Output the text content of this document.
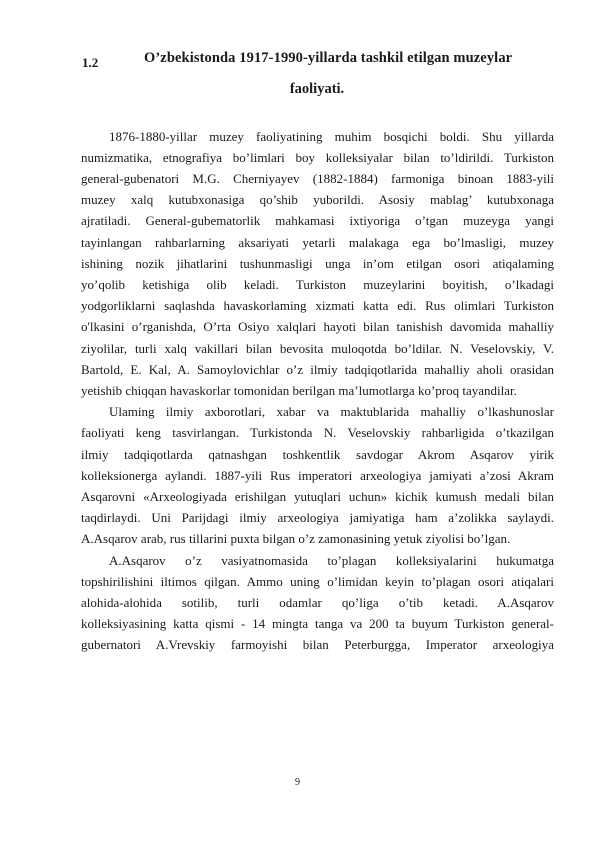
1.2	O’zbekistonda 1917-1990-yillarda tashkil etilgan muzeylar
faoliyati.
1876-1880-yillar muzey faoliyatining muhim bosqichi boldi. Shu yillarda
numizmatika, etnografiya bo’limlari boy kolleksiyalar bilan to’ldirildi. Turkiston
general-gubenatori M.G. Cherniyayev (1882-1884) farmoniga binoan 1883-yili
muzey xalq kutubxonasiga qo’shib yuborildi. Asosiy mablag’ kutubxonaga
ajratiladi. General-gubematorlik mahkamasi ixtiyoriga o’tgan muzeyga yangi
tayinlangan rahbarlarning aksariyati yetarli malakaga ega bo’lmasligi, muzey
ishining nozik jihatlarini tushunmasligi unga in’om etilgan osori atiqalaming
yo’qolib ketishiga olib keladi. Turkiston muzeylarini boyitish, o’lkadagi
yodgorliklarni saqlashda havaskorlaming xizmati katta edi. Rus olimlari Turkiston
o'lkasini o’rganishda, O’rta Osiyo xalqlari hayoti bilan tanishish davomida mahalliy
ziyolilar, turli xalq vakillari bilan bevosita muloqotda bo’ldilar. N. Veselovskiy, V.
Bartold, E. Kal, A. Samoylovichlar o’z ilmiy tadqiqotlarida mahalliy aholi orasidan
yetishib chiqqan havaskorlar tomonidan berilgan ma’lumotlarga ko’proq tayandilar.
Ulaming ilmiy axborotlari, xabar va maktublarida mahalliy o’lkashunoslar
faoliyati keng tasvirlangan. Turkistonda N. Veselovskiy rahbarligida o’tkazilgan
ilmiy tadqiqotlarda qatnashgan toshkentlik savdogar Akrom Asqarov yirik
kolleksionerga aylandi. 1887-yili Rus imperatori arxeologiya jamiyati a’zosi Akram
Asqarovni «Arxeologiyada erishilgan yutuqlari uchun» kichik kumush medali bilan
taqdirlaydi. Uni Parijdagi ilmiy arxeologiya jamiyatiga ham a’zolikka saylaydi.
A.Asqarov arab, rus tillarini puxta bilgan o’z zamonasining yetuk ziyolisi bo’lgan.
A.Asqarov o’z vasiyatnomasida to’plagan kolleksiyalarini hukumatga
topshirilishini iltimos qilgan. Ammo uning o’limidan keyin to’plagan osori atiqalari
alohida-alohida sotilib, turli odamlar qo’liga o’tib ketadi. A.Asqarov
kolleksiyasining katta qismi - 14 mingta tanga va 200 ta buyum Turkiston general-
gubernatori A.Vrevskiy farmoyishi bilan Peterburgga, Imperator arxeologiya
9
